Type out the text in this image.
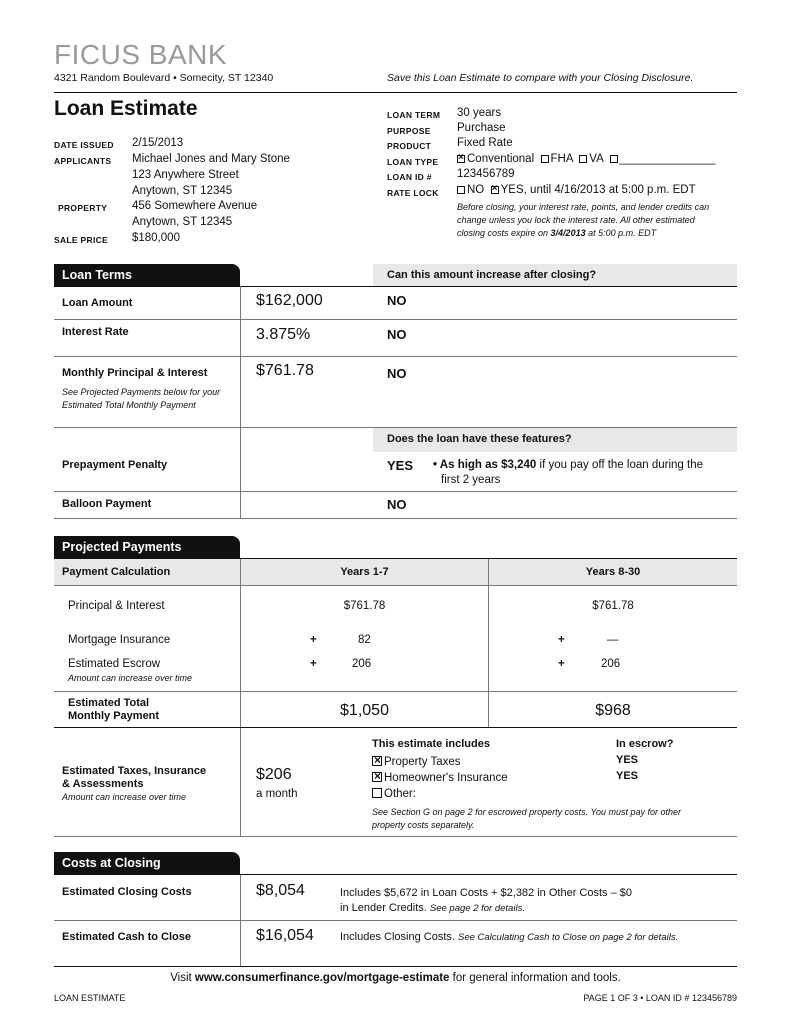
FICUS BANK
4321 Random Boulevard • Somecity, ST 12340	Save this Loan Estimate to compare with your Closing Disclosure.
Loan Estimate
DATE ISSUED 2/15/2013
APPLICANTS Michael Jones and Mary Stone
123 Anywhere Street
Anytown, ST 12345
PROPERTY 456 Somewhere Avenue
Anytown, ST 12345
SALE PRICE $180,000
LOAN TERM 30 years
PURPOSE Purchase
PRODUCT Fixed Rate
LOAN TYPE ×	Conventional FHA VA _______________
LOAN ID # 123456789
RATE LOCK	NO × YES, until 4/16/2013 at 5:00 p.m. EDT
Before closing, your interest rate, points, and lender credits can
change unless you lock the interest rate. All other estimated
closing costs expire on 3/4/2013 at 5:00 p.m. EDT
Loan Terms	Can this amount increase after closing?
Loan Amount	$162,000	NO
Interest Rate	3.875%	NO
Monthly Principal & Interest
See Projected Payments below for your
Estimated Total Monthly Payment
$761.78	NO
Does the loan have these features?
Prepayment Penalty	YES • As high as $3,240 if you pay off the loan during the
first 2 years
Balloon Payment	NO
Projected Payments
Payment Calculation	Years 1-7	Years 8-30
Principal & Interest	$761.78	$761.78
Mortgage Insurance	+	82	+	—
Estimated Escrow
Amount can increase over time
+	206	+	206
Estimated Total
Monthly Payment	$1,050	$968
Estimated Taxes, Insurance
& Assessments
Amount can increase over time
$206
a month
This estimate includes	In escrow?
×Property Taxes	YES
×Homeowner's Insurance	YES
Other:
See Section G on page 2 for escrowed property costs. You must pay for other
property costs separately.
Costs at Closing
Estimated Closing Costs	$8,054	Includes $5,672 in Loan Costs + $2,382 in Other Costs – $0
in Lender Credits. See page 2 for details.
Estimated Cash to Close	$16,054 Includes Closing Costs. See Calculating Cash to Close on page 2 for details.
Visit www.consumerfinance.gov/mortgage-estimate for general information and tools.
LOAN ESTIMATE	PAGE 1 OF 3 • LOAN ID # 123456789
